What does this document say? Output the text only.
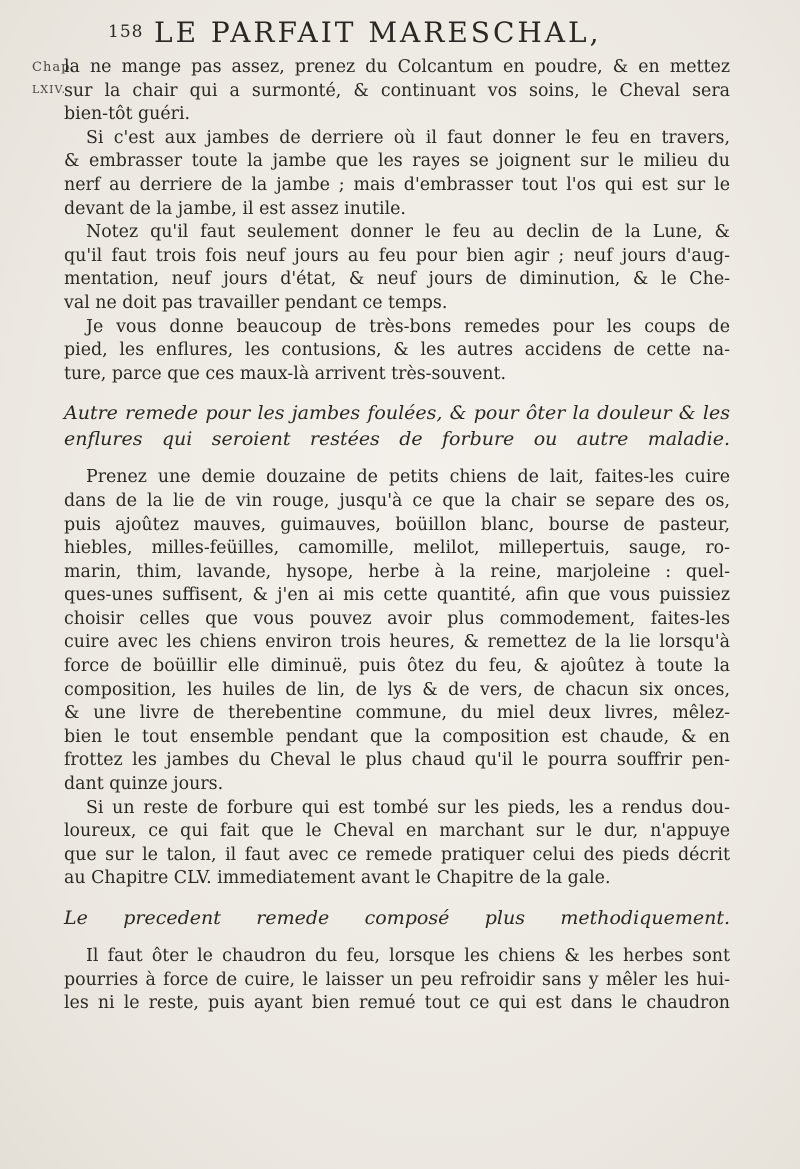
158 LE PARFAIT MARESCHAL,
Chap.
LXIV.
la ne mange pas assez, prenez du Colcantum en poudre, & en mettez
sur la chair qui a surmonté, & continuant vos soins, le Cheval sera
bien-tôt guéri.
Si c'est aux jambes de derriere où il faut donner le feu en travers,
& embrasser toute la jambe que les rayes se joignent sur le milieu du
nerf au derriere de la jambe ; mais d'embrasser tout l'os qui est sur le
devant de la jambe, il est assez inutile.
Notez qu'il faut seulement donner le feu au declin de la Lune, &
qu'il faut trois fois neuf jours au feu pour bien agir ; neuf jours d'aug-
mentation, neuf jours d'état, & neuf jours de diminution, & le Che-
val ne doit pas travailler pendant ce temps.
Je vous donne beaucoup de très-bons remedes pour les coups de
pied, les enflures, les contusions, & les autres accidens de cette na-
ture, parce que ces maux-là arrivent très-souvent.
Autre remede pour les jambes foulées, & pour ôter la douleur & les
enflures qui seroient restées de forbure ou autre maladie.
Prenez une demie douzaine de petits chiens de lait, faites-les cuire
dans de la lie de vin rouge, jusqu'à ce que la chair se separe des os,
puis ajoûtez mauves, guimauves, boüillon blanc, bourse de pasteur,
hiebles, milles-feüilles, camomille, melilot, millepertuis, sauge, ro-
marin, thim, lavande, hysope, herbe à la reine, marjoleine : quel-
ques-unes suffisent, & j'en ai mis cette quantité, afin que vous puissiez
choisir celles que vous pouvez avoir plus commodement, faites-les
cuire avec les chiens environ trois heures, & remettez de la lie lorsqu'à
force de boüillir elle diminuë, puis ôtez du feu, & ajoûtez à toute la
composition, les huiles de lin, de lys & de vers, de chacun six onces,
& une livre de therebentine commune, du miel deux livres, mêlez-
bien le tout ensemble pendant que la composition est chaude, & en
frottez les jambes du Cheval le plus chaud qu'il le pourra souffrir pen-
dant quinze jours.
Si un reste de forbure qui est tombé sur les pieds, les a rendus dou-
loureux, ce qui fait que le Cheval en marchant sur le dur, n'appuye
que sur le talon, il faut avec ce remede pratiquer celui des pieds décrit
au Chapitre CLV. immediatement avant le Chapitre de la gale.
Le precedent remede composé plus methodiquement.
Il faut ôter le chaudron du feu, lorsque les chiens & les herbes sont
pourries à force de cuire, le laisser un peu refroidir sans y mêler les hui-
les ni le reste, puis ayant bien remué tout ce qui est dans le chaudron
